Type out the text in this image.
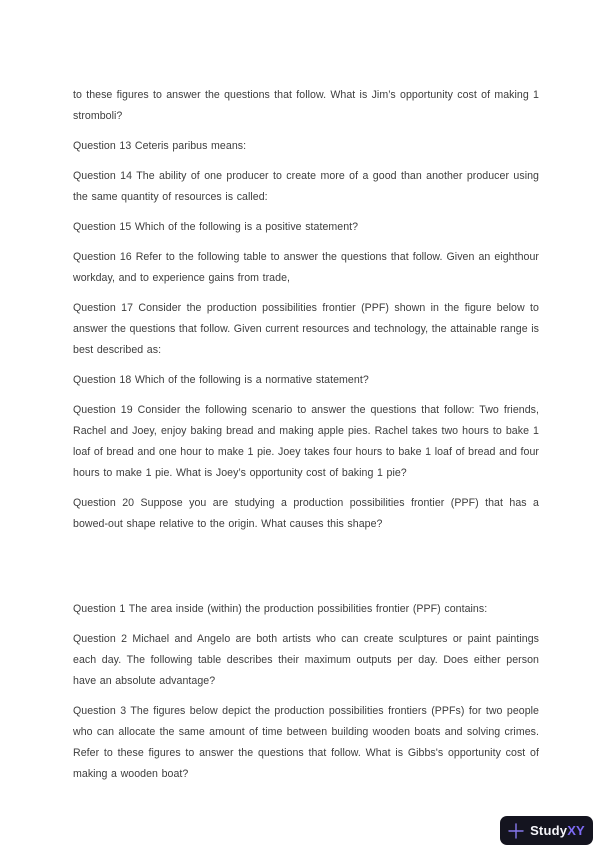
to these figures to answer the questions that follow. What is Jim’s opportunity cost of making 1 stromboli?

Question 13 Ceteris paribus means:

Question 14 The ability of one producer to create more of a good than another producer using the same quantity of resources is called:

Question 15 Which of the following is a positive statement?

Question 16 Refer to the following table to answer the questions that follow. Given an eighthour workday, and to experience gains from trade,

Question 17 Consider the production possibilities frontier (PPF) shown in the figure below to answer the questions that follow. Given current resources and technology, the attainable range is best described as:

Question 18 Which of the following is a normative statement?

Question 19 Consider the following scenario to answer the questions that follow: Two friends, Rachel and Joey, enjoy baking bread and making apple pies. Rachel takes two hours to bake 1 loaf of bread and one hour to make 1 pie. Joey takes four hours to bake 1 loaf of bread and four hours to make 1 pie. What is Joey’s opportunity cost of baking 1 pie?

Question 20 Suppose you are studying a production possibilities frontier (PPF) that has a bowed-out shape relative to the origin. What causes this shape?

Question 1 The area inside (within) the production possibilities frontier (PPF) contains:

Question 2 Michael and Angelo are both artists who can create sculptures or paint paintings each day. The following table describes their maximum outputs per day. Does either person have an absolute advantage?

Question 3 The figures below depict the production possibilities frontiers (PPFs) for two people who can allocate the same amount of time between building wooden boats and solving crimes. Refer to these figures to answer the questions that follow. What is Gibbs's opportunity cost of making a wooden boat?

StudyXY
